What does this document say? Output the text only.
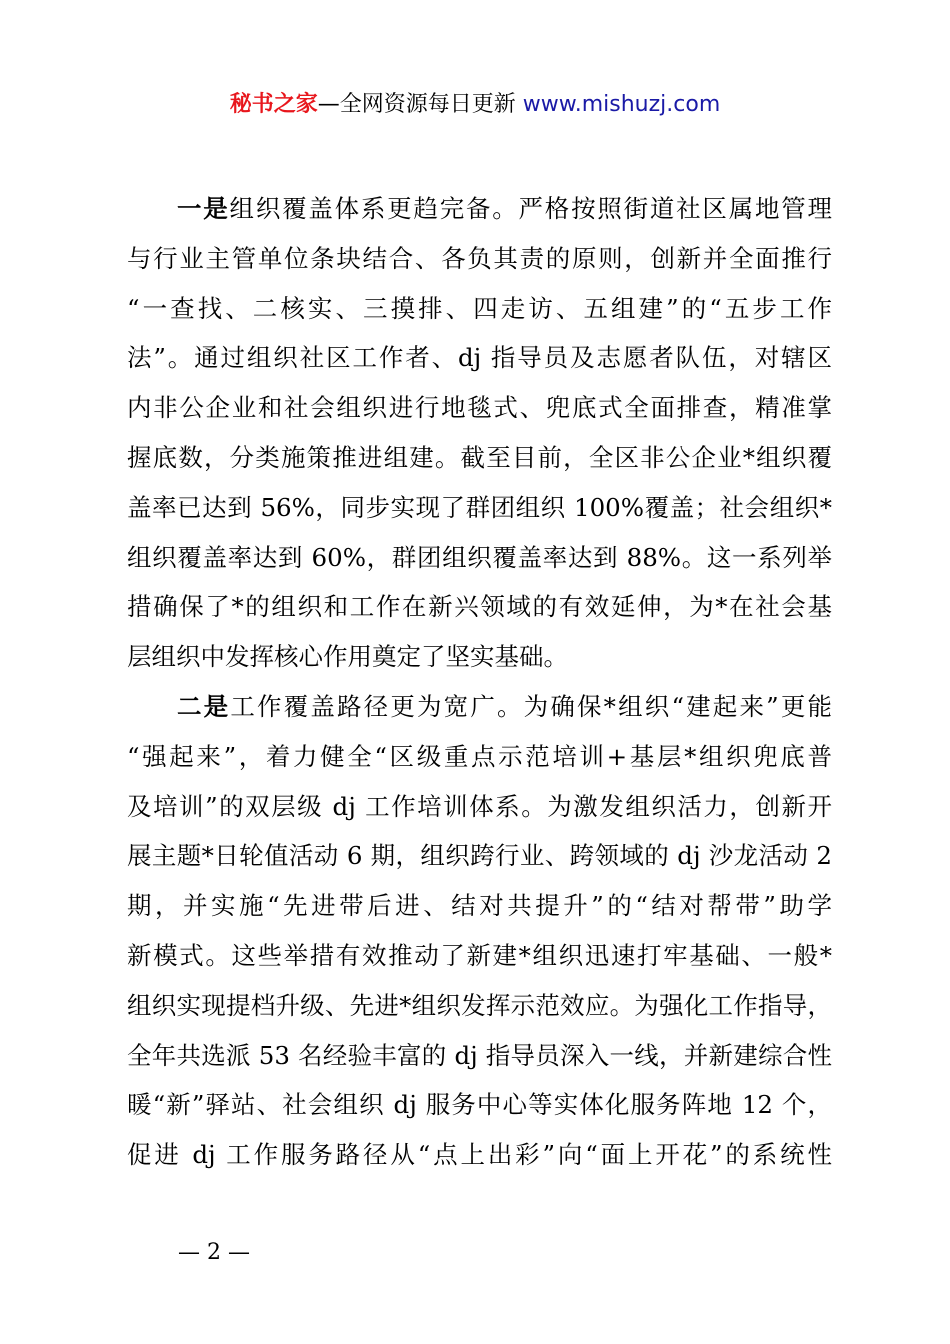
秘书之家—全网资源每日更新 www.mishuzj.com
一是组织覆盖体系更趋完备。严格按照街道社区属地管理
与行业主管单位条块结合、各负其责的原则，创新并全面推行
“一查找、二核实、三摸排、四走访、五组建”的“五步工作
法”。通过组织社区工作者、dj 指导员及志愿者队伍，对辖区
内非公企业和社会组织进行地毯式、兜底式全面排查，精准掌
握底数，分类施策推进组建。截至目前，全区非公企业*组织覆
盖率已达到 56%，同步实现了群团组织 100%覆盖；社会组织*
组织覆盖率达到 60%，群团组织覆盖率达到 88%。这一系列举
措确保了*的组织和工作在新兴领域的有效延伸，为*在社会基
层组织中发挥核心作用奠定了坚实基础。
二是工作覆盖路径更为宽广。为确保*组织“建起来”更能
“强起来”，着力健全“区级重点示范培训+基层*组织兜底普
及培训”的双层级 dj 工作培训体系。为激发组织活力，创新开
展主题*日轮值活动 6 期，组织跨行业、跨领域的 dj 沙龙活动 2
期，并实施“先进带后进、结对共提升”的“结对帮带”助学
新模式。这些举措有效推动了新建*组织迅速打牢基础、一般*
组织实现提档升级、先进*组织发挥示范效应。为强化工作指导，
全年共选派 53 名经验丰富的 dj 指导员深入一线，并新建综合性
暖“新”驿站、社会组织 dj 服务中心等实体化服务阵地 12 个，
促进 dj 工作服务路径从“点上出彩”向“面上开花”的系统性
— 2 —
